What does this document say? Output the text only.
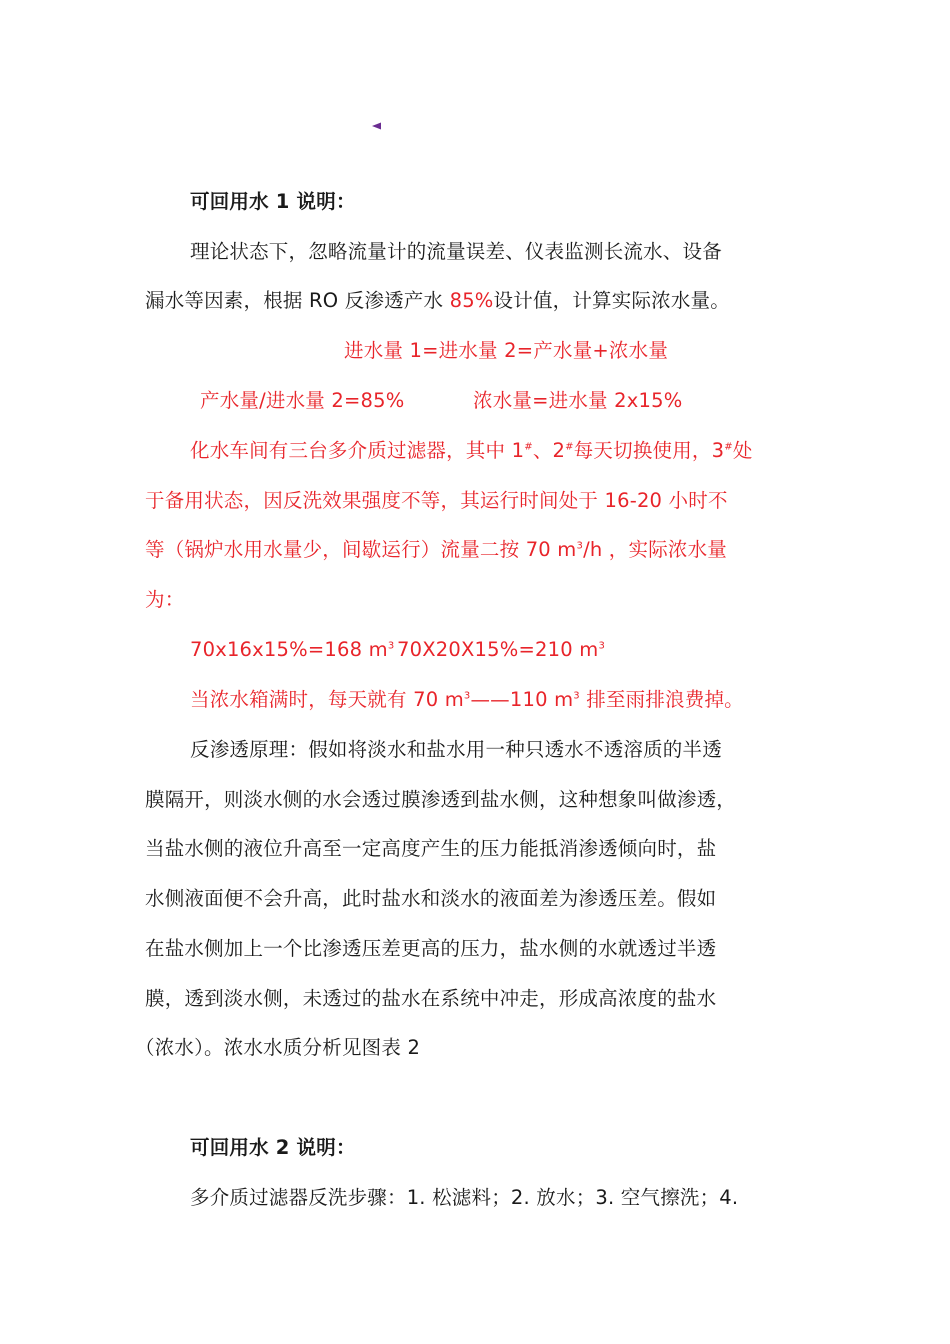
可回用水 1 说明：
理论状态下，忽略流量计的流量误差、仪表监测长流水、设备
漏水等因素，根据 RO 反渗透产水 85%设计值，计算实际浓水量。
进水量 1=进水量 2=产水量+浓水量
产水量/进水量 2=85%	浓水量=进水量 2x15%
化水车间有三台多介质过滤器，其中 1#、2#每天切换使用，3#处
于备用状态，因反洗效果强度不等，其运行时间处于 16-20 小时不
等（锅炉水用水量少，间歇运行）流量二按 70 $m^3/h$ ，实际浓水量
为：
70x16x15%=168 $m^3$ 70X20X15%=210 $m^3$
当浓水箱满时，每天就有 70 $m^3——110$ $m^3$ 排至雨排浪费掉。
反渗透原理：假如将淡水和盐水用一种只透水不透溶质的半透
膜隔开，则淡水侧的水会透过膜渗透到盐水侧，这种想象叫做渗透，
当盐水侧的液位升高至一定高度产生的压力能抵消渗透倾向时，盐
水侧液面便不会升高，此时盐水和淡水的液面差为渗透压差。假如
在盐水侧加上一个比渗透压差更高的压力，盐水侧的水就透过半透
膜，透到淡水侧，未透过的盐水在系统中冲走，形成高浓度的盐水
（浓水）。浓水水质分析见图表 2
可回用水 2 说明：
多介质过滤器反洗步骤：1. 松滤料；2. 放水；3. 空气擦洗；4.
